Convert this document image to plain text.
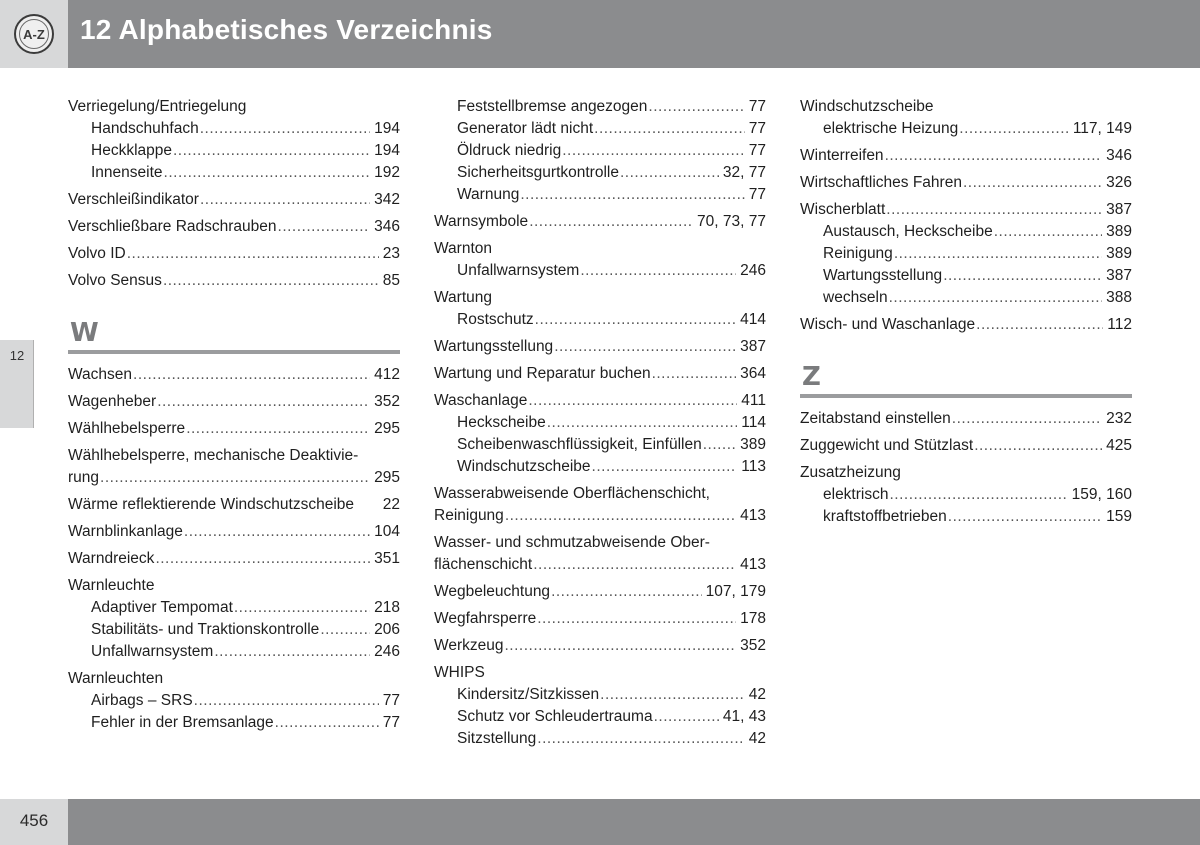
A-Z 12 Alphabetisches Verzeichnis
12
Verriegelung/Entriegelung
Handschuhfach .....	194
Heckklappe .....	194
Innenseite .....	192
Verschleißindikator .....	342
Verschließbare Radschrauben .....	346
Volvo ID .....	23
Volvo Sensus .....	85
W
Wachsen .....	412
Wagenheber .....	352
Wählhebelsperre .....	295
Wählhebelsperre, mechanische Deaktivie-
rung .....	295
Wärme reflektierende Windschutzscheibe 22
Warnblinkanlage .....	104
Warndreieck .....	351
Warnleuchte
Adaptiver Tempomat .....	218
Stabilitäts- und Traktionskontrolle .....	206
Unfallwarnsystem .....	246
Warnleuchten
Airbags – SRS .....	77
Fehler in der Bremsanlage .....	77
Feststellbremse angezogen .....	77
Generator lädt nicht .....	77
Öldruck niedrig .....	77
Sicherheitsgurtkontrolle .....	32, 77
Warnung .....	77
Warnsymbole .....	70, 73, 77
Warnton
Unfallwarnsystem .....	246
Wartung
Rostschutz .....	414
Wartungsstellung .....	387
Wartung und Reparatur buchen .....	364
Waschanlage .....	411
Heckscheibe .....	114
Scheibenwaschflüssigkeit, Einfüllen ..... 389
Windschutzscheibe .....	113
Wasserabweisende Oberflächenschicht,
Reinigung .....	413
Wasser- und schmutzabweisende Ober-
flächenschicht .....	413
Wegbeleuchtung .....	107, 179
Wegfahrsperre .....	178
Werkzeug .....	352
WHIPS
Kindersitz/Sitzkissen .....	42
Schutz vor Schleudertrauma .....	41, 43
Sitzstellung .....	42
Windschutzscheibe
elektrische Heizung .....	117, 149
Winterreifen .....	346
Wirtschaftliches Fahren .....	326
Wischerblatt .....	387
Austausch, Heckscheibe .....	389
Reinigung .....	389
Wartungsstellung .....	387
wechseln .....	388
Wisch- und Waschanlage .....	112
Z
Zeitabstand einstellen .....	232
Zuggewicht und Stützlast .....	425
Zusatzheizung
elektrisch .....	159, 160
kraftstoffbetrieben .....	159
456
